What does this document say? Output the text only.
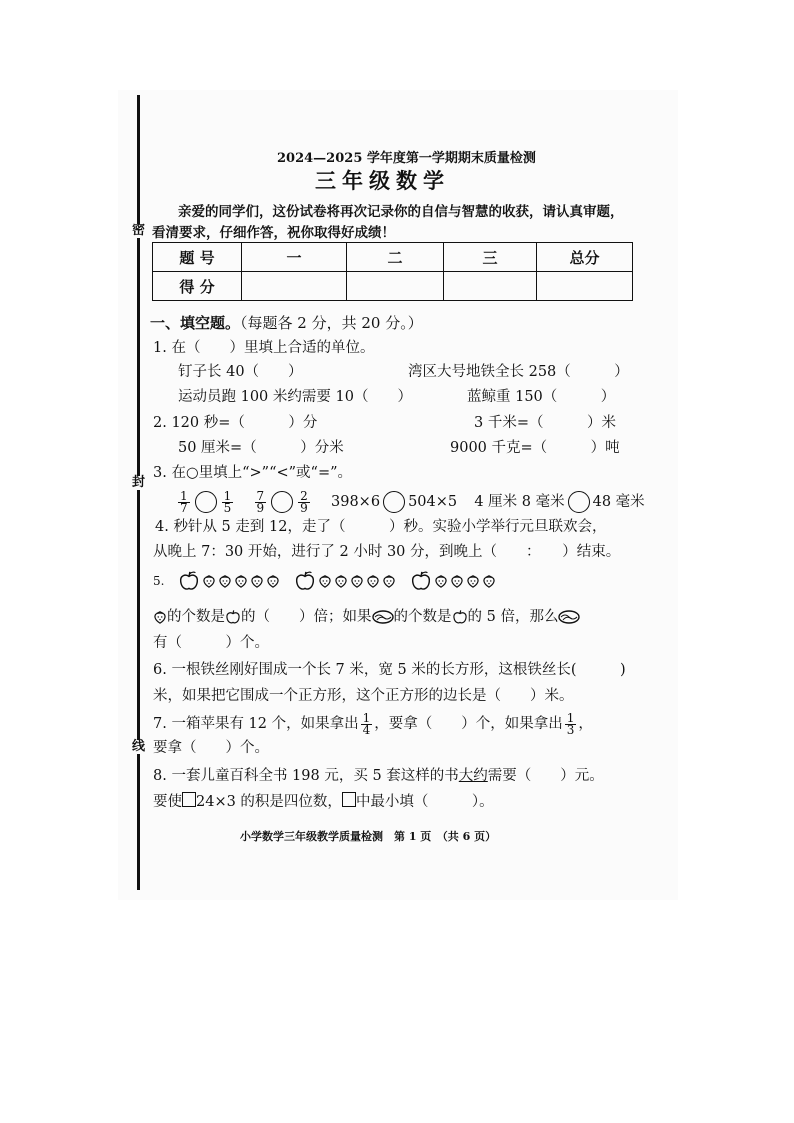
密
封
线
2024—2025 学年度第一学期期末质量检测
三年级数学
亲爱的同学们，这份试卷将再次记录你的自信与智慧的收获，请认真审题，
看清要求，仔细作答，祝你取得好成绩！
题 号	一	二	三	总分
得 分				
一、填空题。（每题各 2 分，共 20 分。）
1. 在（　　）里填上合适的单位。
钉子长 40（　　）	湾区大号地铁全长 258（　　　）
运动员跑 100 米约需要 10（　　）	蓝鲸重 150（　　　）
2. 120 秒=（　　　）分	3 千米=（　　　）米
50 厘米=（　　　）分米	9000 千克=（　　　）吨
3. 在○里填上“>”“<”或“=”。
$\frac{1}{7}$	$\frac{1}{5}$
$\frac{7}{9}$	$\frac{2}{9} 398\times 6$ 504×5 4 厘米 8 毫米 48 毫米
4. 秒针从 5 走到 12，走了（　　　）秒。实验小学举行元旦联欢会，
从晚上 7：30 开始，进行了 2 小时 30 分，到晚上（　　：　　）结束。
5.
的个数是 的（　　）倍；如果 的个数是 的 5 倍，那么
有（　　　）个。
6. 一根铁丝刚好围成一个长 7 米，宽 5 米的长方形，这根铁丝长(　　　)
米，如果把它围成一个正方形，这个正方形的边长是（　　）米。
7. 一箱苹果有 12 个，如果拿出 $\frac{1}{4}$ ，要拿（　　）个，如果拿出 $\frac{1}{3}$ ，
要拿（　　）个。
8. 一套儿童百科全书 198 元，买 5 套这样的书大约需要（　　）元。
要使 24×3 的积是四位数， 中最小填（　　　）。
小学数学三年级教学质量检测　第 1 页　（共 6 页）
